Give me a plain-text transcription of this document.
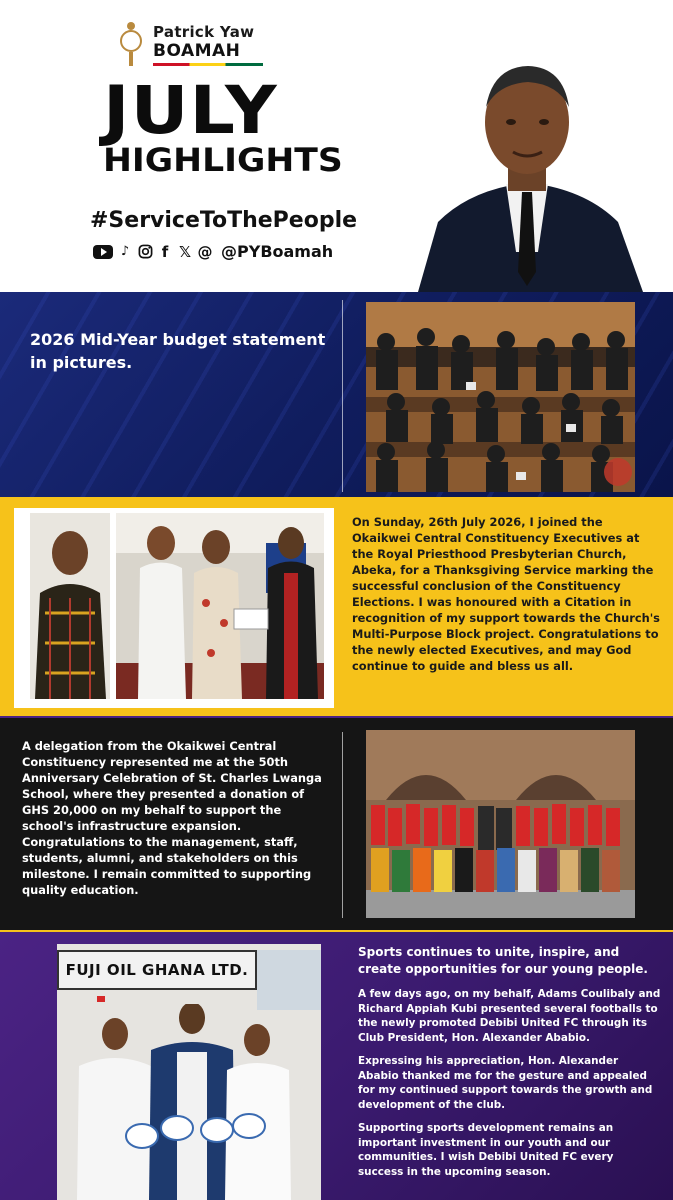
Patrick Yaw
BOAMAH
JULY
HIGHLIGHTS
#ServiceToThePeople
♪	f 𝕏 @ @PYBoamah
2026 Mid-Year budget statement in pictures.
On Sunday, 26th July 2026, I joined the Okaikwei Central Constituency Executives at the Royal Priesthood Presbyterian Church, Abeka, for a Thanksgiving Service marking the successful conclusion of the Constituency Elections. I was honoured with a Citation in recognition of my support towards the Church's Multi-Purpose Block project. Congratulations to the newly elected Executives, and may God continue to guide and bless us all.
A delegation from the Okaikwei Central Constituency represented me at the 50th Anniversary Celebration of St. Charles Lwanga School, where they presented a donation of GHS 20,000 on my behalf to support the school's infrastructure expansion. Congratulations to the management, staff, students, alumni, and stakeholders on this milestone. I remain committed to supporting quality education.
FUJI OIL GHANA LTD.
Sports continues to unite, inspire, and create opportunities for our young people.
A few days ago, on my behalf, Adams Coulibaly and Richard Appiah Kubi presented several footballs to the newly promoted Debibi United FC through its Club President, Hon. Alexander Ababio.
Expressing his appreciation, Hon. Alexander Ababio thanked me for the gesture and appealed for my continued support towards the growth and development of the club.
Supporting sports development remains an important investment in our youth and our communities. I wish Debibi United FC every success in the upcoming season.
